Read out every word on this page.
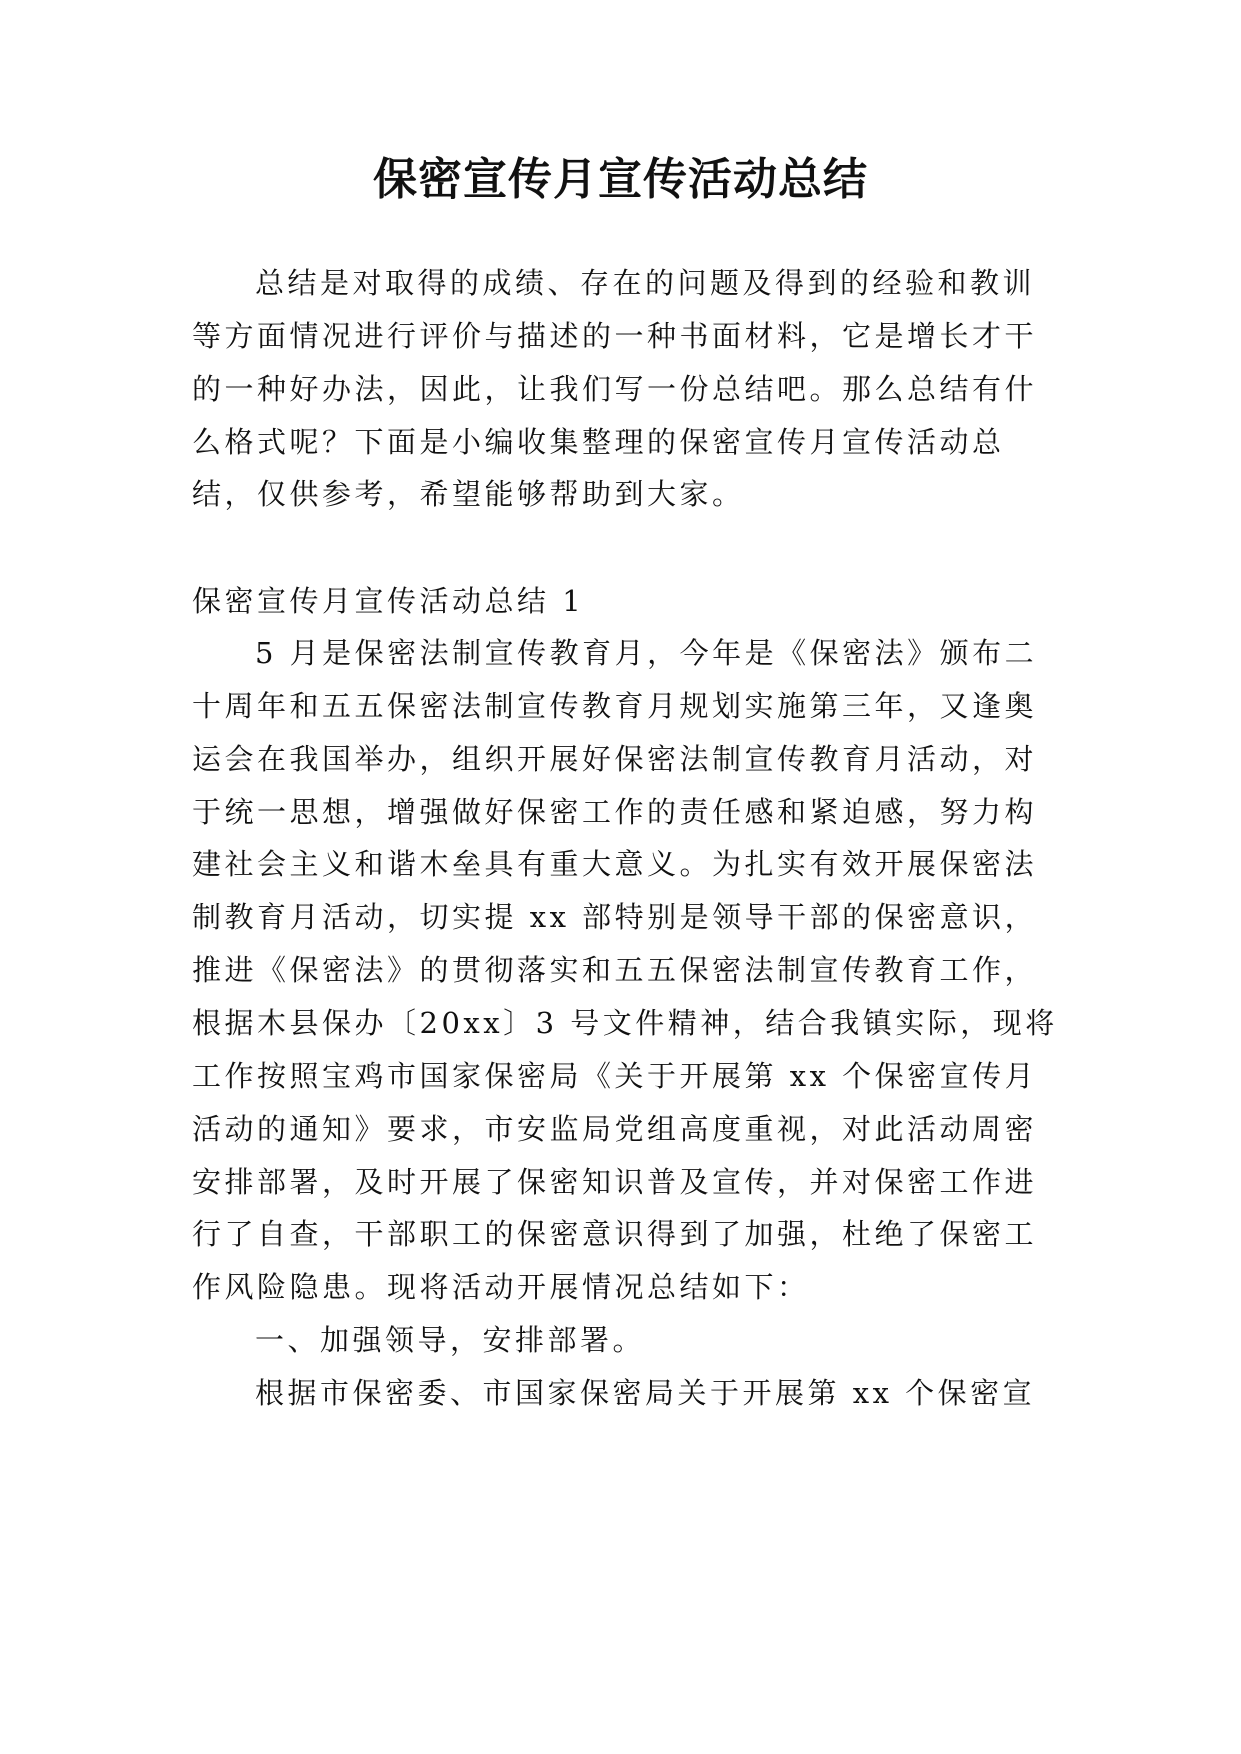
保密宣传月宣传活动总结
总结是对取得的成绩、存在的问题及得到的经验和教训
等方面情况进行评价与描述的一种书面材料，它是增长才干
的一种好办法，因此，让我们写一份总结吧。那么总结有什
么格式呢？下面是小编收集整理的保密宣传月宣传活动总
结，仅供参考，希望能够帮助到大家。
保密宣传月宣传活动总结 1
5 月是保密法制宣传教育月，今年是《保密法》颁布二
十周年和五五保密法制宣传教育月规划实施第三年，又逢奥
运会在我国举办，组织开展好保密法制宣传教育月活动，对
于统一思想，增强做好保密工作的责任感和紧迫感，努力构
建社会主义和谐木垒具有重大意义。为扎实有效开展保密法
制教育月活动，切实提 xx 部特别是领导干部的保密意识，
推进《保密法》的贯彻落实和五五保密法制宣传教育工作，
根据木县保办〔20xx〕3 号文件精神，结合我镇实际，现将
工作按照宝鸡市国家保密局《关于开展第 xx 个保密宣传月
活动的通知》要求，市安监局党组高度重视，对此活动周密
安排部署，及时开展了保密知识普及宣传，并对保密工作进
行了自查，干部职工的保密意识得到了加强，杜绝了保密工
作风险隐患。现将活动开展情况总结如下：
一、加强领导，安排部署。
根据市保密委、市国家保密局关于开展第 xx 个保密宣
